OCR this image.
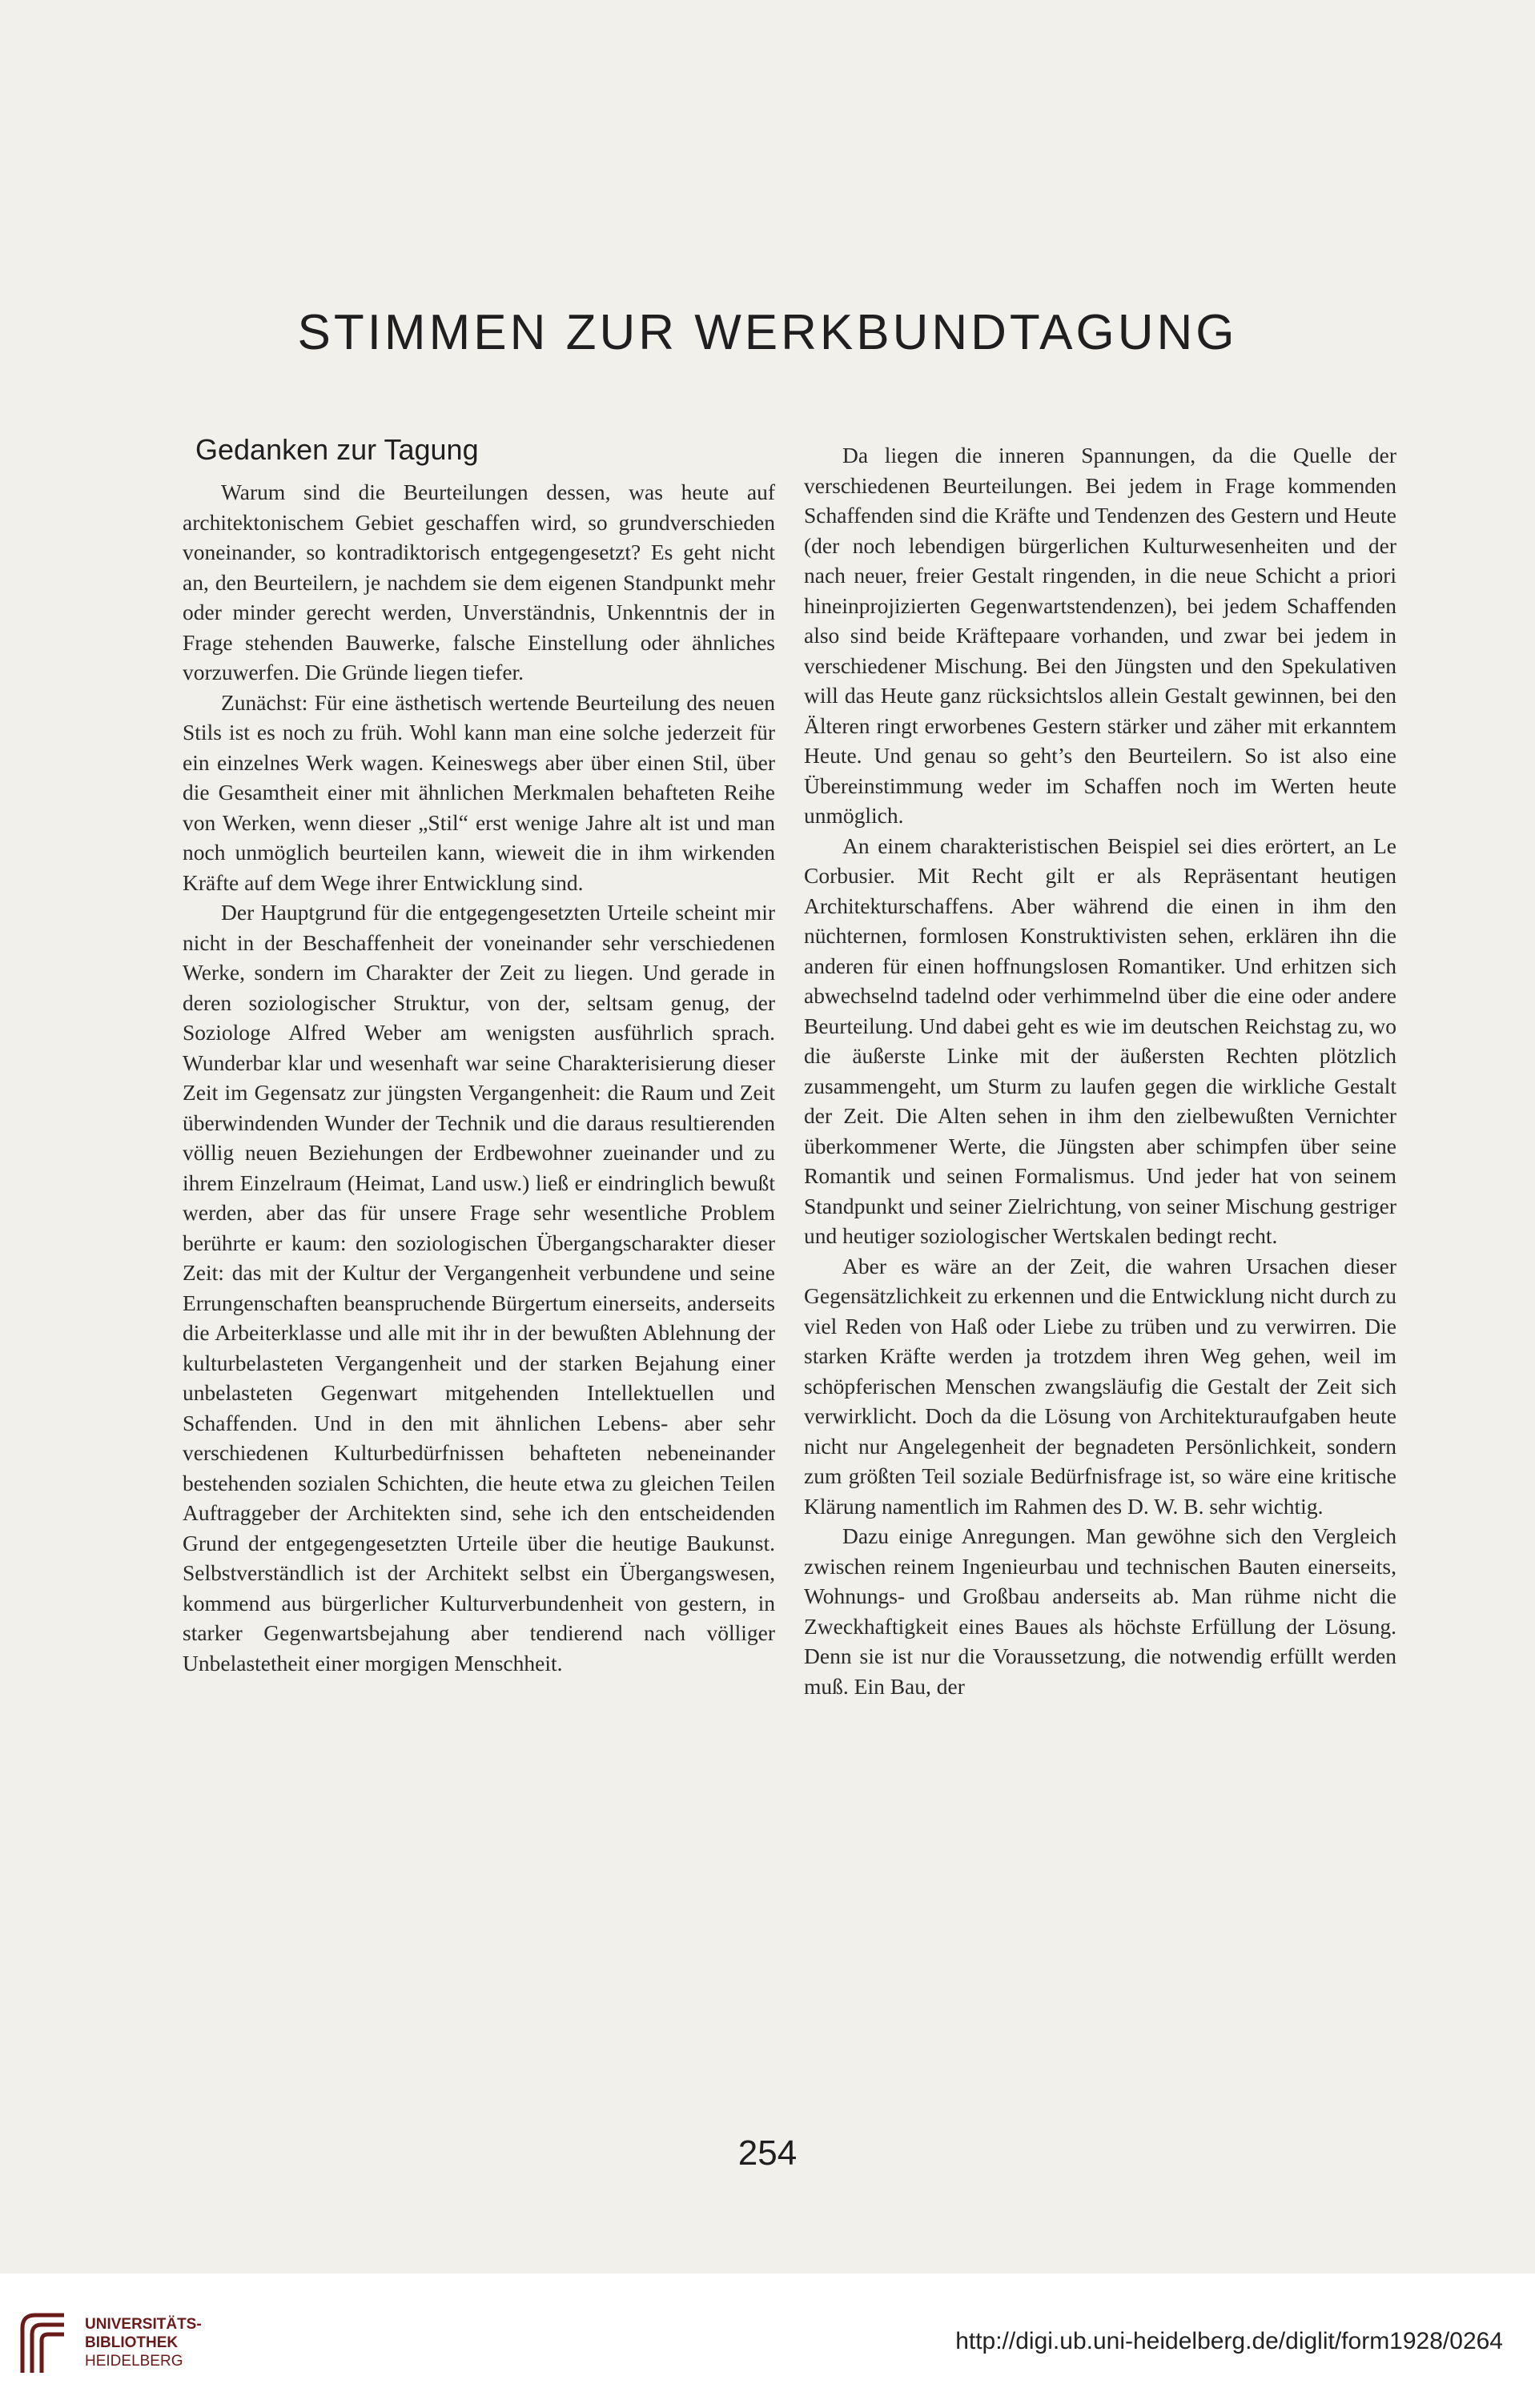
STIMMEN ZUR WERKBUNDTAGUNG
Gedanken zur Tagung

Warum sind die Beurteilungen dessen, was heute auf architektonischem Gebiet geschaffen wird, so grundverschieden voneinander, so kontradiktorisch entgegengesetzt? Es geht nicht an, den Beurteilern, je nachdem sie dem eigenen Standpunkt mehr oder minder gerecht werden, Unverständnis, Unkenntnis der in Frage stehenden Bauwerke, falsche Einstellung oder ähnliches vorzuwerfen. Die Gründe liegen tiefer.

Zunächst: Für eine ästhetisch wertende Beurteilung des neuen Stils ist es noch zu früh. Wohl kann man eine solche jederzeit für ein einzelnes Werk wagen. Keineswegs aber über einen Stil, über die Gesamtheit einer mit ähnlichen Merkmalen behafteten Reihe von Werken, wenn dieser „Stil“ erst wenige Jahre alt ist und man noch unmöglich beurteilen kann, wieweit die in ihm wirkenden Kräfte auf dem Wege ihrer Entwicklung sind.

Der Hauptgrund für die entgegengesetzten Urteile scheint mir nicht in der Beschaffenheit der voneinander sehr verschiedenen Werke, sondern im Charakter der Zeit zu liegen. Und gerade in deren soziologischer Struktur, von der, seltsam genug, der Soziologe Alfred Weber am wenigsten ausführlich sprach. Wunderbar klar und wesenhaft war seine Charakterisierung dieser Zeit im Gegensatz zur jüngsten Vergangenheit: die Raum und Zeit überwindenden Wunder der Technik und die daraus resultierenden völlig neuen Beziehungen der Erdbewohner zueinander und zu ihrem Einzelraum (Heimat, Land usw.) ließ er eindringlich bewußt werden, aber das für unsere Frage sehr wesentliche Problem berührte er kaum: den soziologischen Übergangscharakter dieser Zeit: das mit der Kultur der Vergangenheit verbundene und seine Errungenschaften beanspruchende Bürgertum einerseits, anderseits die Arbeiterklasse und alle mit ihr in der bewußten Ablehnung der kulturbelasteten Vergangenheit und der starken Bejahung einer unbelasteten Gegenwart mitgehenden Intellektuellen und Schaffenden. Und in den mit ähnlichen Lebens- aber sehr verschiedenen Kulturbedürfnissen behafteten nebeneinander bestehenden sozialen Schichten, die heute etwa zu gleichen Teilen Auftraggeber der Architekten sind, sehe ich den entscheidenden Grund der entgegengesetzten Urteile über die heutige Baukunst. Selbstverständlich ist der Architekt selbst ein Übergangswesen, kommend aus bürgerlicher Kulturverbundenheit von gestern, in starker Gegenwartsbejahung aber tendierend nach völliger Unbelastetheit einer morgigen Menschheit.

Da liegen die inneren Spannungen, da die Quelle der verschiedenen Beurteilungen. Bei jedem in Frage kommenden Schaffenden sind die Kräfte und Tendenzen des Gestern und Heute (der noch lebendigen bürgerlichen Kulturwesenheiten und der nach neuer, freier Gestalt ringenden, in die neue Schicht a priori hineinprojizierten Gegenwartstendenzen), bei jedem Schaffenden also sind beide Kräftepaare vorhanden, und zwar bei jedem in verschiedener Mischung. Bei den Jüngsten und den Spekulativen will das Heute ganz rücksichtslos allein Gestalt gewinnen, bei den Älteren ringt erworbenes Gestern stärker und zäher mit erkanntem Heute. Und genau so geht’s den Beurteilern. So ist also eine Übereinstimmung weder im Schaffen noch im Werten heute unmöglich.

An einem charakteristischen Beispiel sei dies erörtert, an Le Corbusier. Mit Recht gilt er als Repräsentant heutigen Architekturschaffens. Aber während die einen in ihm den nüchternen, formlosen Konstruktivisten sehen, erklären ihn die anderen für einen hoffnungslosen Romantiker. Und erhitzen sich abwechselnd tadelnd oder verhimmelnd über die eine oder andere Beurteilung. Und dabei geht es wie im deutschen Reichstag zu, wo die äußerste Linke mit der äußersten Rechten plötzlich zusammengeht, um Sturm zu laufen gegen die wirkliche Gestalt der Zeit. Die Alten sehen in ihm den zielbewußten Vernichter überkommener Werte, die Jüngsten aber schimpfen über seine Romantik und seinen Formalismus. Und jeder hat von seinem Standpunkt und seiner Zielrichtung, von seiner Mischung gestriger und heutiger soziologischer Wertskalen bedingt recht.

Aber es wäre an der Zeit, die wahren Ursachen dieser Gegensätzlichkeit zu erkennen und die Entwicklung nicht durch zu viel Reden von Haß oder Liebe zu trüben und zu verwirren. Die starken Kräfte werden ja trotzdem ihren Weg gehen, weil im schöpferischen Menschen zwangsläufig die Gestalt der Zeit sich verwirklicht. Doch da die Lösung von Architekturaufgaben heute nicht nur Angelegenheit der begnadeten Persönlichkeit, sondern zum größten Teil soziale Bedürfnisfrage ist, so wäre eine kritische Klärung namentlich im Rahmen des D. W. B. sehr wichtig.

Dazu einige Anregungen. Man gewöhne sich den Vergleich zwischen reinem Ingenieurbau und technischen Bauten einerseits, Wohnungs- und Großbau anderseits ab. Man rühme nicht die Zweckhaftigkeit eines Baues als höchste Erfüllung der Lösung. Denn sie ist nur die Voraussetzung, die notwendig erfüllt werden muß. Ein Bau, der

254
UNIVERSITÄTS-
BIBLIOTHEK
HEIDELBERG
http://digi.ub.uni-heidelberg.de/diglit/form1928/0264
